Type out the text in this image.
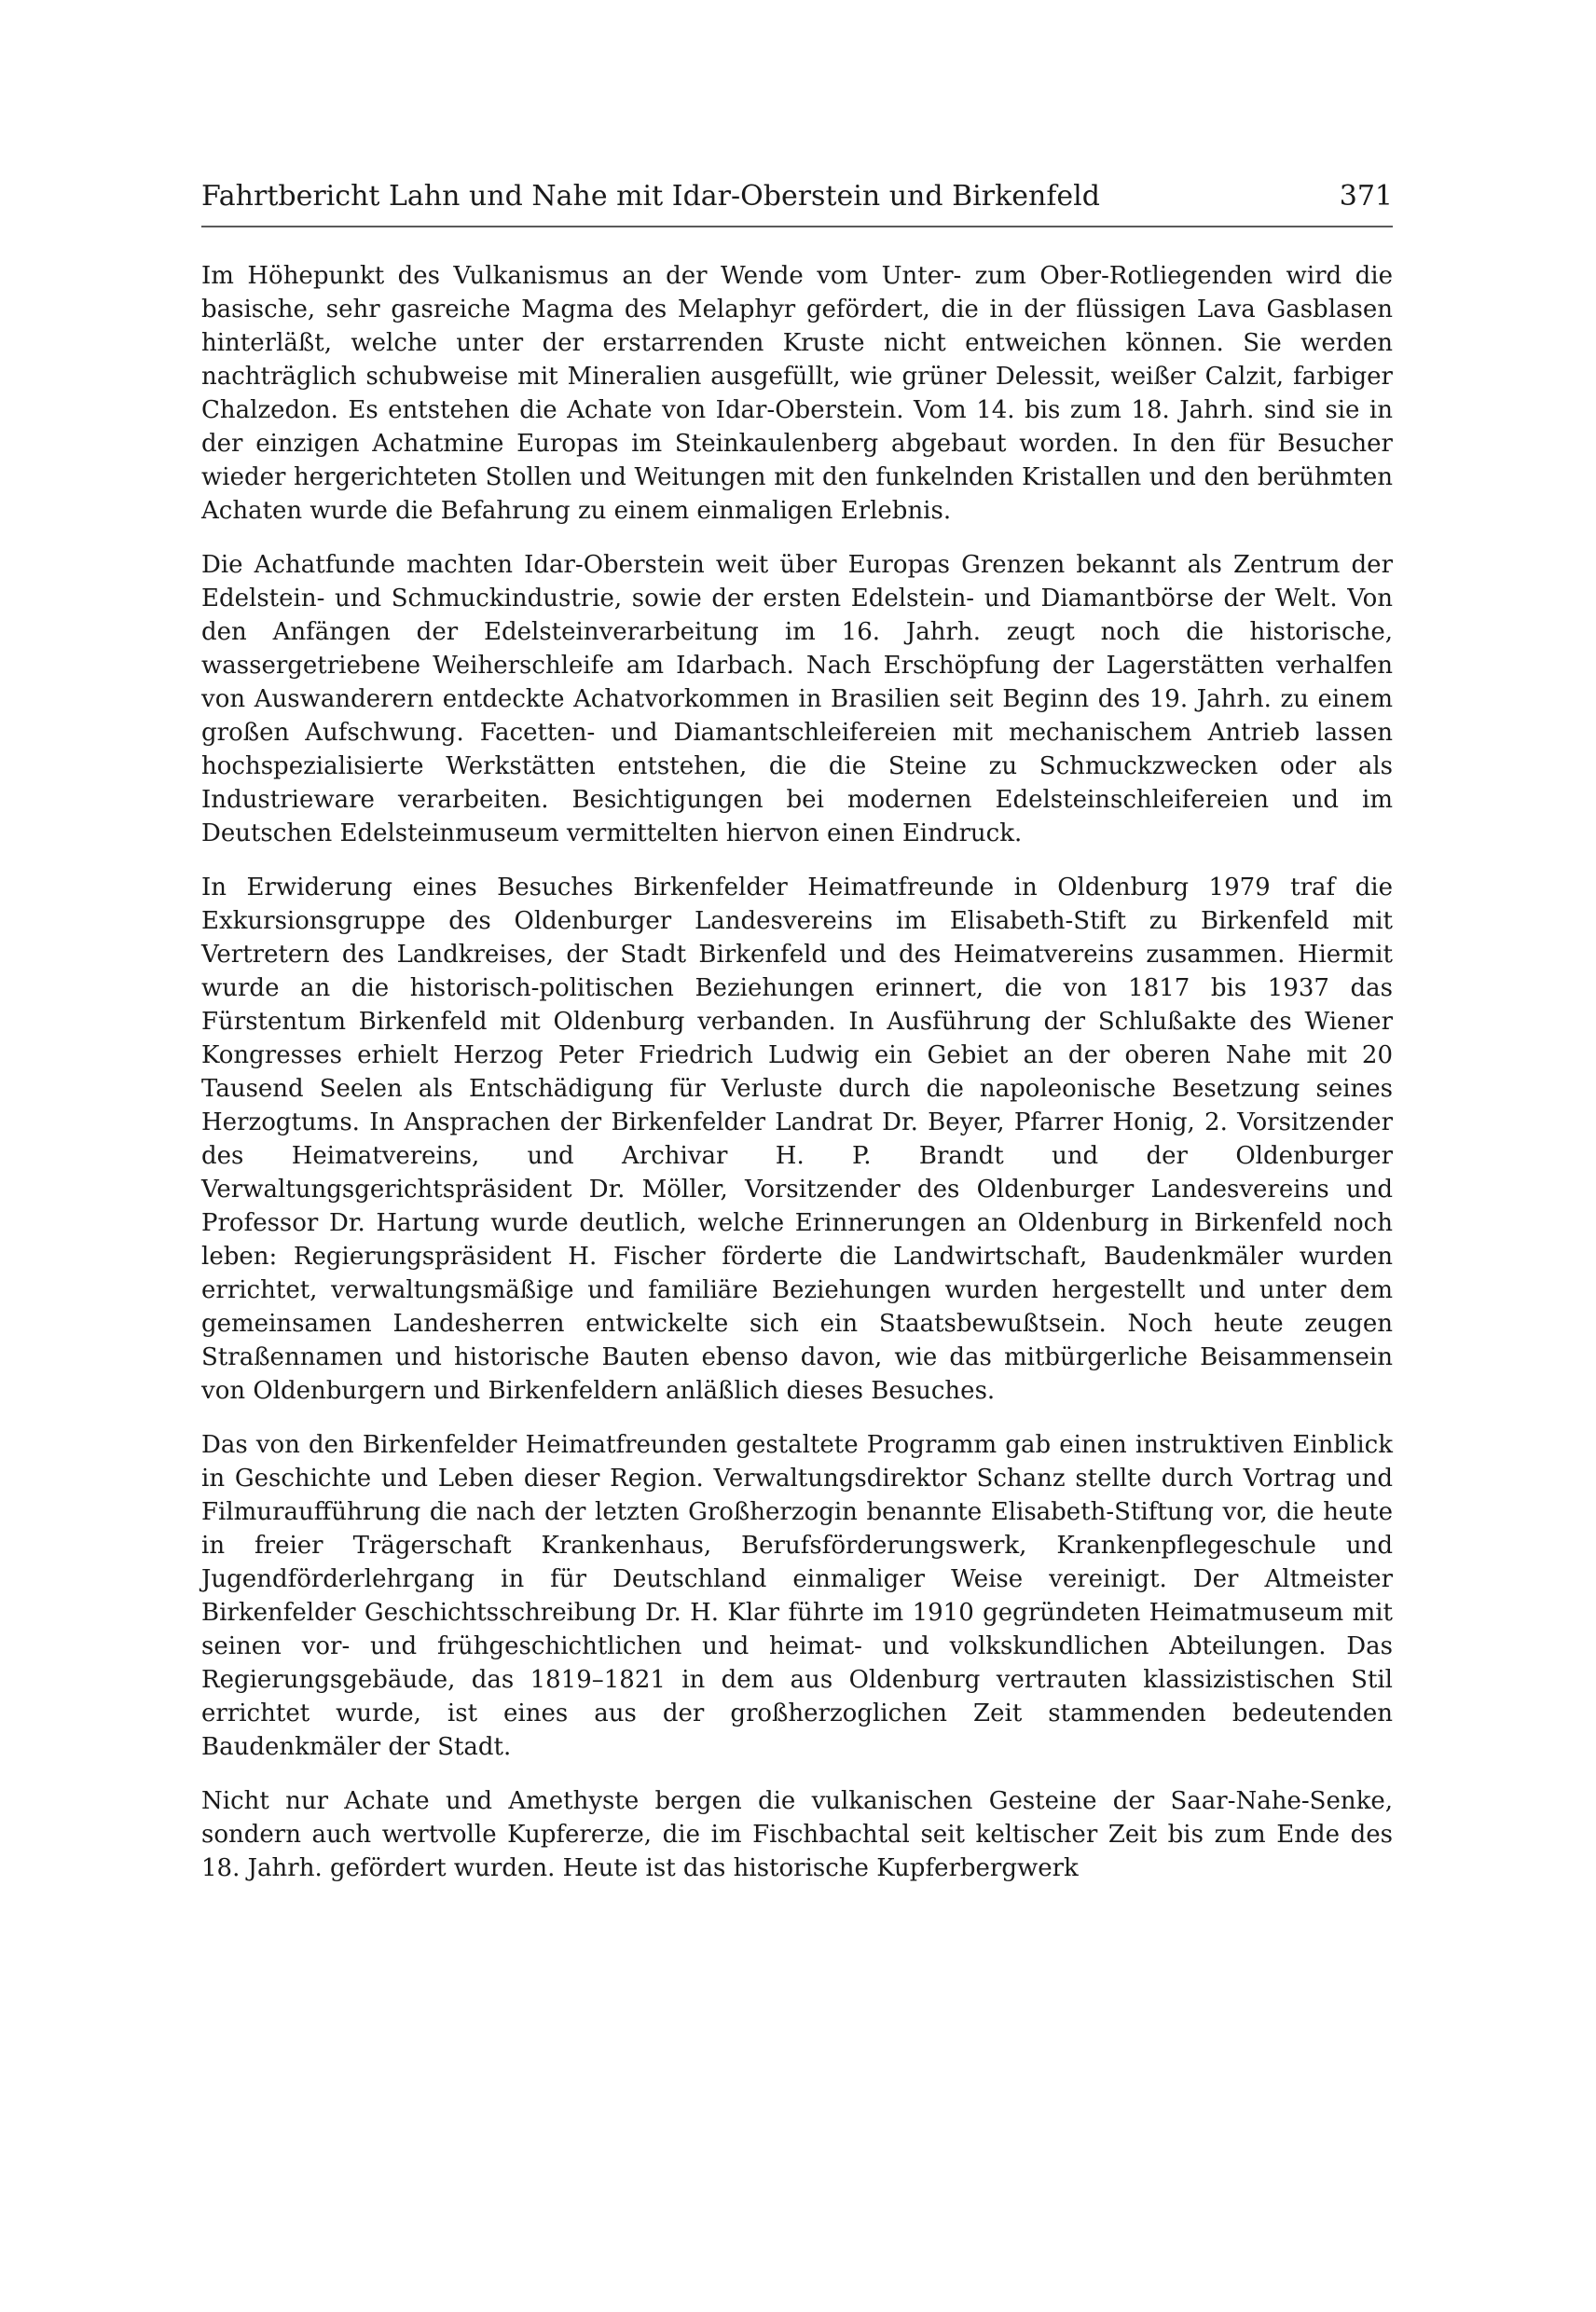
Fahrtbericht Lahn und Nahe mit Idar-Oberstein und Birkenfeld	371

Im Höhepunkt des Vulkanismus an der Wende vom Unter- zum Ober-Rotliegenden wird die basische, sehr gasreiche Magma des Melaphyr gefördert, die in der flüssigen Lava Gasblasen hinterläßt, welche unter der erstarrenden Kruste nicht entweichen können. Sie werden nachträglich schubweise mit Mineralien ausgefüllt, wie grüner Delessit, weißer Calzit, farbiger Chalzedon. Es entstehen die Achate von Idar-Oberstein. Vom 14. bis zum 18. Jahrh. sind sie in der einzigen Achatmine Europas im Steinkaulenberg abgebaut worden. In den für Besucher wieder hergerichteten Stollen und Weitungen mit den funkelnden Kristallen und den berühmten Achaten wurde die Befahrung zu einem einmaligen Erlebnis.

Die Achatfunde machten Idar-Oberstein weit über Europas Grenzen bekannt als Zentrum der Edelstein- und Schmuckindustrie, sowie der ersten Edelstein- und Diamantbörse der Welt. Von den Anfängen der Edelsteinverarbeitung im 16. Jahrh. zeugt noch die historische, wassergetriebene Weiherschleife am Idarbach. Nach Erschöpfung der Lagerstätten verhalfen von Auswanderern entdeckte Achatvorkommen in Brasilien seit Beginn des 19. Jahrh. zu einem großen Aufschwung. Facetten- und Diamantschleifereien mit mechanischem Antrieb lassen hochspezialisierte Werkstätten entstehen, die die Steine zu Schmuckzwecken oder als Industrieware verarbeiten. Besichtigungen bei modernen Edelsteinschleifereien und im Deutschen Edelsteinmuseum vermittelten hiervon einen Eindruck.

In Erwiderung eines Besuches Birkenfelder Heimatfreunde in Oldenburg 1979 traf die Exkursionsgruppe des Oldenburger Landesvereins im Elisabeth-Stift zu Birkenfeld mit Vertretern des Landkreises, der Stadt Birkenfeld und des Heimatvereins zusammen. Hiermit wurde an die historisch-politischen Beziehungen erinnert, die von 1817 bis 1937 das Fürstentum Birkenfeld mit Oldenburg verbanden. In Ausführung der Schlußakte des Wiener Kongresses erhielt Herzog Peter Friedrich Ludwig ein Gebiet an der oberen Nahe mit 20 Tausend Seelen als Entschädigung für Verluste durch die napoleonische Besetzung seines Herzogtums. In Ansprachen der Birkenfelder Landrat Dr. Beyer, Pfarrer Honig, 2. Vorsitzender des Heimatvereins, und Archivar H. P. Brandt und der Oldenburger Verwaltungsgerichtspräsident Dr. Möller, Vorsitzender des Oldenburger Landesvereins und Professor Dr. Hartung wurde deutlich, welche Erinnerungen an Oldenburg in Birkenfeld noch leben: Regierungspräsident H. Fischer förderte die Landwirtschaft, Baudenkmäler wurden errichtet, verwaltungsmäßige und familiäre Beziehungen wurden hergestellt und unter dem gemeinsamen Landesherren entwickelte sich ein Staatsbewußtsein. Noch heute zeugen Straßennamen und historische Bauten ebenso davon, wie das mitbürgerliche Beisammensein von Oldenburgern und Birkenfeldern anläßlich dieses Besuches.

Das von den Birkenfelder Heimatfreunden gestaltete Programm gab einen instruktiven Einblick in Geschichte und Leben dieser Region. Verwaltungsdirektor Schanz stellte durch Vortrag und Filmuraufführung die nach der letzten Großherzogin benannte Elisabeth-Stiftung vor, die heute in freier Trägerschaft Krankenhaus, Berufsförderungswerk, Krankenpflegeschule und Jugendförderlehrgang in für Deutschland einmaliger Weise vereinigt. Der Altmeister Birkenfelder Geschichtsschreibung Dr. H. Klar führte im 1910 gegründeten Heimatmuseum mit seinen vor- und frühgeschichtlichen und heimat- und volkskundlichen Abteilungen. Das Regierungsgebäude, das 1819–1821 in dem aus Oldenburg vertrauten klassizistischen Stil errichtet wurde, ist eines aus der großherzoglichen Zeit stammenden bedeutenden Baudenkmäler der Stadt.

Nicht nur Achate und Amethyste bergen die vulkanischen Gesteine der Saar-Nahe-Senke, sondern auch wertvolle Kupfererze, die im Fischbachtal seit keltischer Zeit bis zum Ende des 18. Jahrh. gefördert wurden. Heute ist das historische Kupferbergwerk
